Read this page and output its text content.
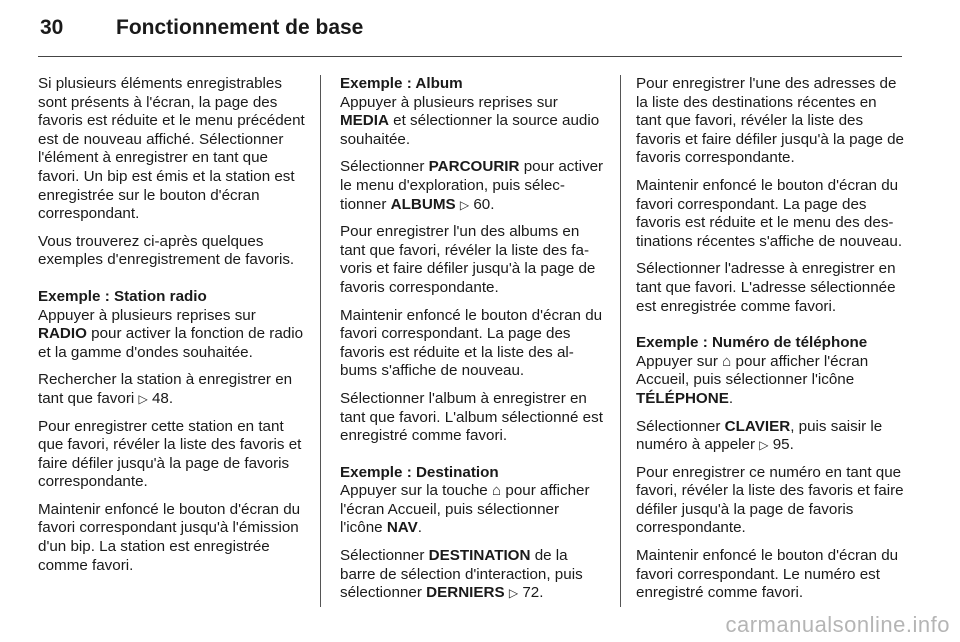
30	Fonctionnement de base

Si plusieurs éléments enregistrables sont présents à l'écran, la page des favoris est réduite et le menu précédent est de nouveau affiché. Sélectionner l'élément à enregistrer en tant que favori. Un bip est émis et la station est enregistrée sur le bouton d'écran correspondant.

Vous trouverez ci-après quelques exemples d'enregistrement de favoris.

Exemple : Station radio
Appuyer à plusieurs reprises sur RADIO pour activer la fonction de radio et la gamme d'ondes souhaitée.

Rechercher la station à enregistrer en tant que favori ▷ 48.

Pour enregistrer cette station en tant que favori, révéler la liste des favoris et faire défiler jusqu'à la page de favoris correspondante.

Maintenir enfoncé le bouton d'écran du favori correspondant jusqu'à l'émission d'un bip. La station est enregistrée comme favori.

Exemple : Album
Appuyer à plusieurs reprises sur MEDIA et sélectionner la source audio souhaitée.

Sélectionner PARCOURIR pour activer le menu d'exploration, puis sélectionner ALBUMS ▷ 60.

Pour enregistrer l'un des albums en tant que favori, révéler la liste des favoris et faire défiler jusqu'à la page de favoris correspondante.

Maintenir enfoncé le bouton d'écran du favori correspondant. La page des favoris est réduite et la liste des albums s'affiche de nouveau.

Sélectionner l'album à enregistrer en tant que favori. L'album sélectionné est enregistré comme favori.

Exemple : Destination
Appuyer sur la touche ⌂ pour afficher l'écran Accueil, puis sélectionner l'icône NAV.

Sélectionner DESTINATION de la barre de sélection d'interaction, puis sélectionner DERNIERS ▷ 72.

Pour enregistrer l'une des adresses de la liste des destinations récentes en tant que favori, révéler la liste des favoris et faire défiler jusqu'à la page de favoris correspondante.

Maintenir enfoncé le bouton d'écran du favori correspondant. La page des favoris est réduite et le menu des destinations récentes s'affiche de nouveau.

Sélectionner l'adresse à enregistrer en tant que favori. L'adresse sélectionnée est enregistrée comme favori.

Exemple : Numéro de téléphone
Appuyer sur ⌂ pour afficher l'écran Accueil, puis sélectionner l'icône TÉLÉPHONE.

Sélectionner CLAVIER, puis saisir le numéro à appeler ▷ 95.

Pour enregistrer ce numéro en tant que favori, révéler la liste des favoris et faire défiler jusqu'à la page de favoris correspondante.

Maintenir enfoncé le bouton d'écran du favori correspondant. Le numéro est enregistré comme favori.

carmanualsonline.info
